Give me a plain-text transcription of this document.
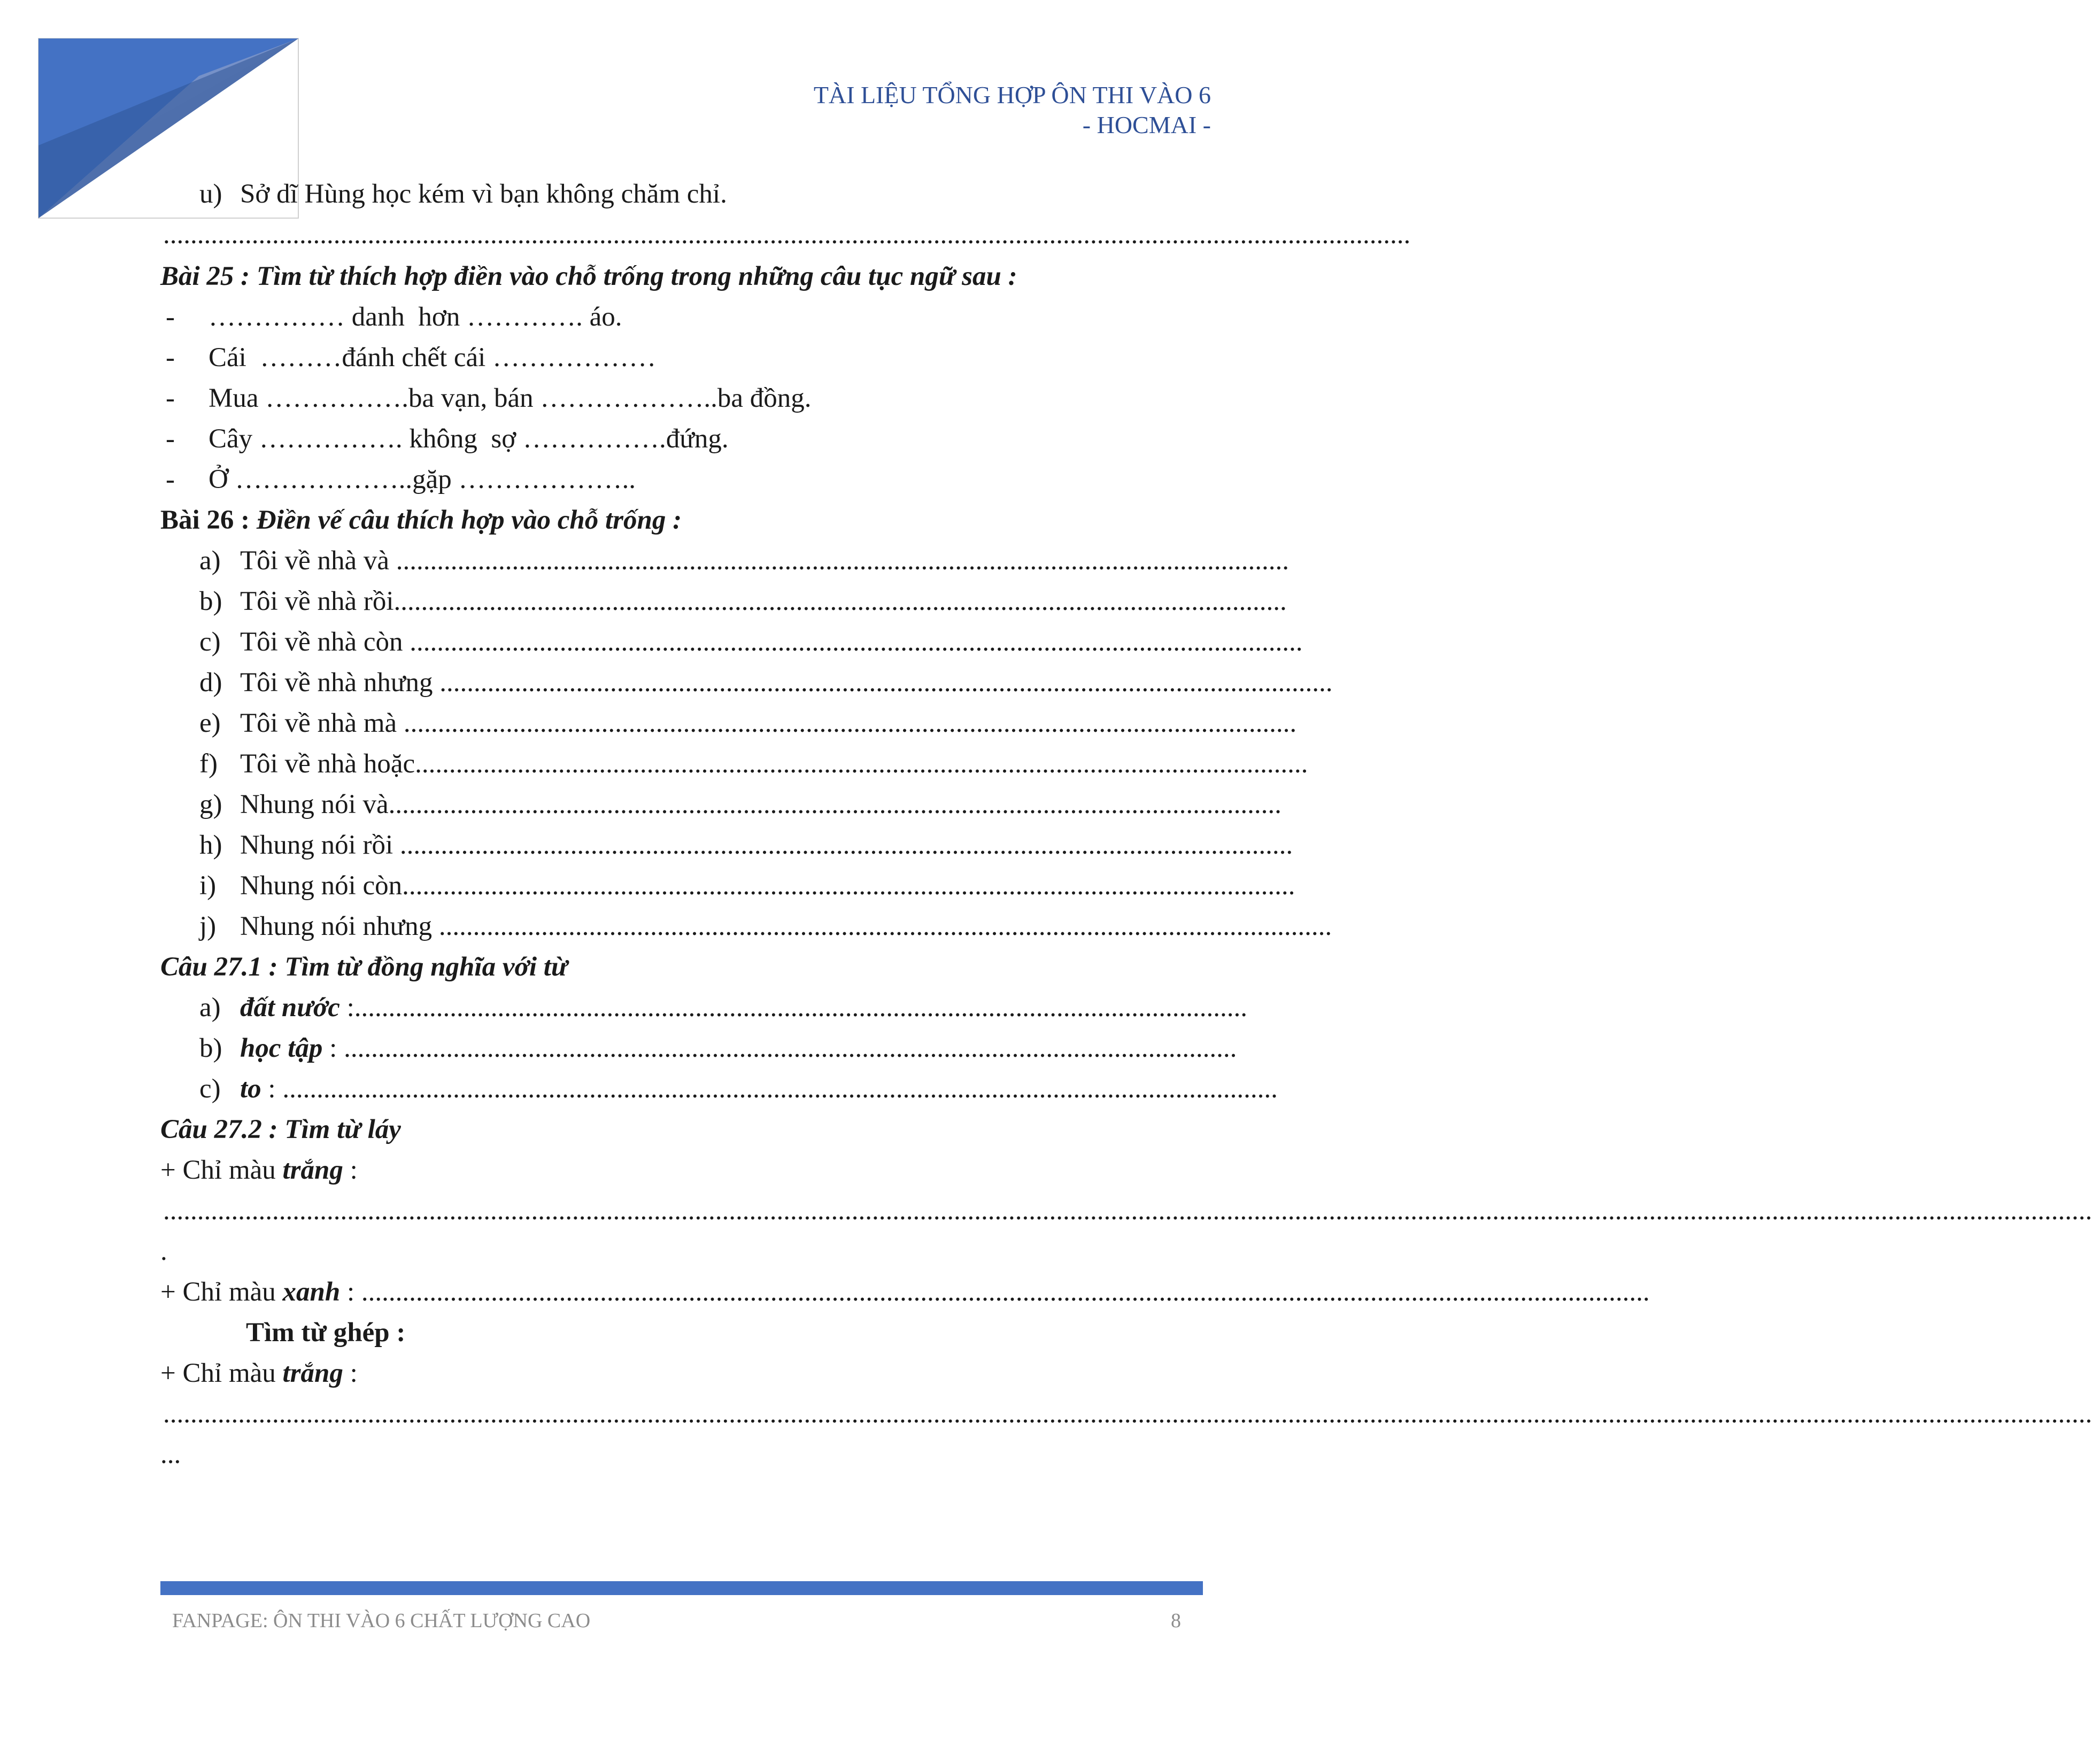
TÀI LIỆU TỔNG HỢP ÔN THI VÀO 6
- HOCMAI -
u) Sở dĩ Hùng học kém vì bạn không chăm chỉ.
.......................................................................................................................................................................................
Bài 25 : Tìm từ thích hợp điền vào chỗ trống trong những câu tục ngữ sau :
- …………… danh  hơn …………. áo.
- Cái  ………đánh chết cái ………………
- Mua …………….ba vạn, bán ………………..ba đồng.
- Cây ……………. không  sợ …………….đứng.
- Ở ………………..gặp ………………..
Bài 26 : Điền vế câu thích hợp vào chỗ trống :
a) Tôi về nhà và ...................................................................................................................................
b) Tôi về nhà rồi...................................................................................................................................
c) Tôi về nhà còn ...................................................................................................................................
d) Tôi về nhà nhưng ...................................................................................................................................
e) Tôi về nhà mà ...................................................................................................................................
f) Tôi về nhà hoặc...................................................................................................................................
g) Nhung nói và...................................................................................................................................
h) Nhung nói rồi ...................................................................................................................................
i) Nhung nói còn...................................................................................................................................
j) Nhung nói nhưng ...................................................................................................................................
Câu 27.1 : Tìm từ đồng nghĩa với từ
a) đất nước :...................................................................................................................................
b) học tập : ...................................................................................................................................
c) to : ..................................................................................................................................................
Câu 27.2 : Tìm từ láy
+ Chỉ màu trắng :
...........................................................................................................................................................................................................................................................................................
.
+ Chỉ màu xanh : .............................................................................................................................................................................................
Tìm từ ghép :
+ Chỉ màu trắng :
...........................................................................................................................................................................................................................................................................................
...
FANPAGE: ÔN THI VÀO 6 CHẤT LƯỢNG CAO	8
